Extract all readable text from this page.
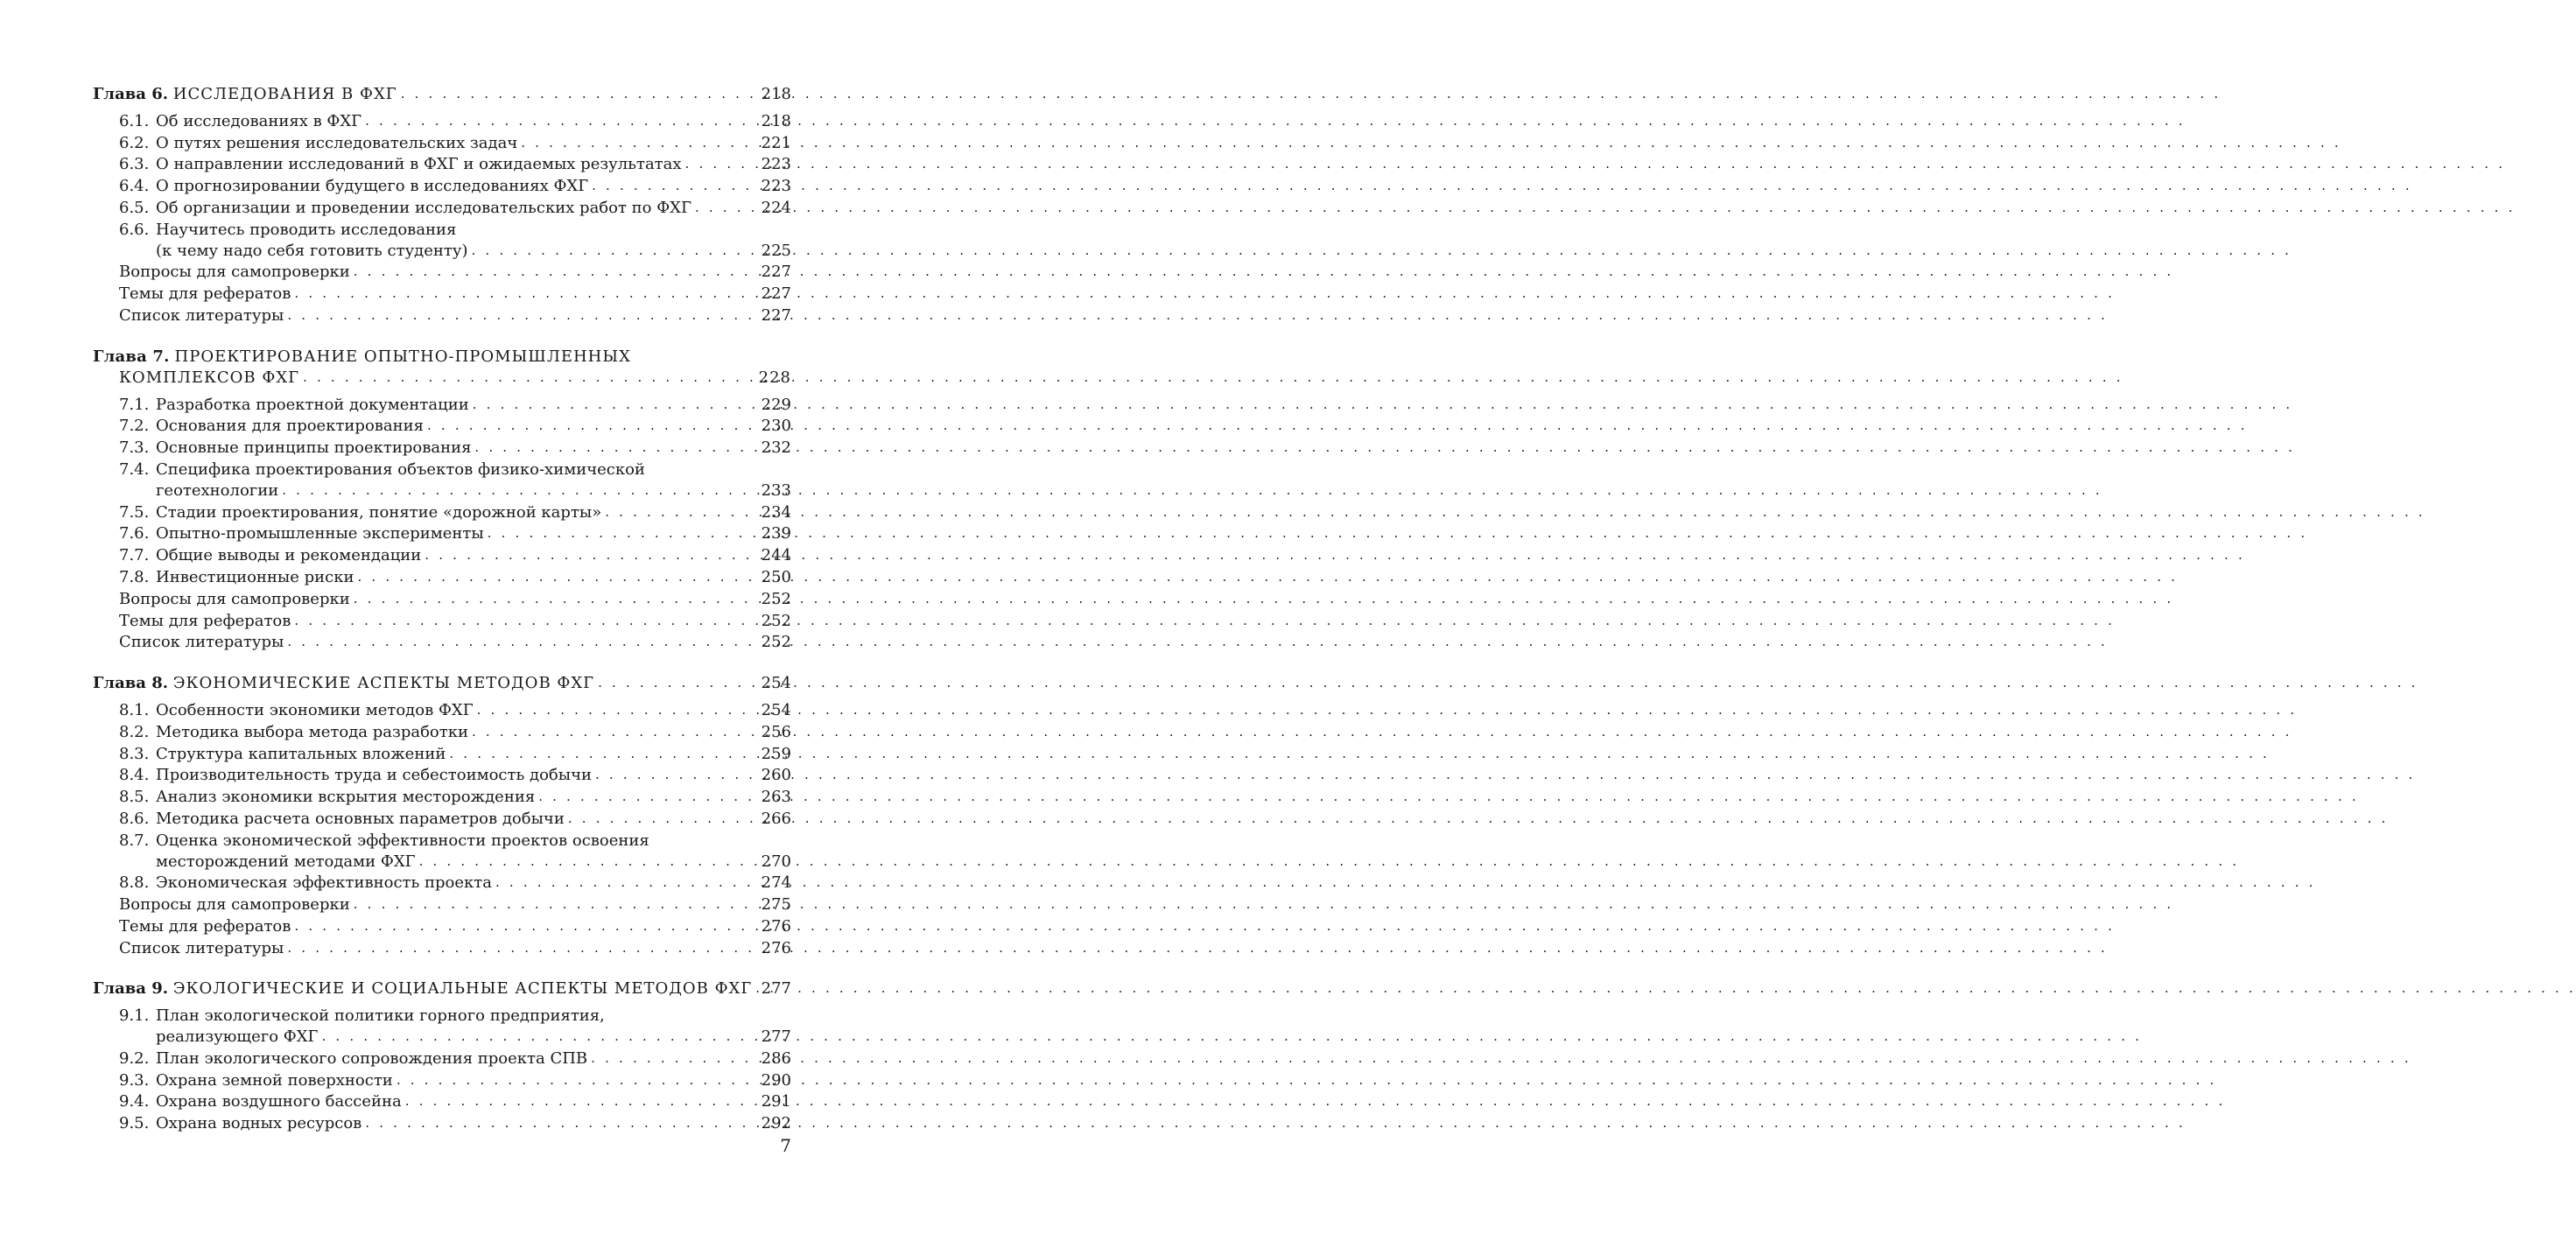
Глава 6.
ИССЛЕДОВАНИЯ В ФХГ . . .	218
6.1. Об исследованиях в ФХГ . . .	218
6.2. О путях решения исследовательских задач . . .	221
6.3. О направлении исследований в ФХГ и ожидаемых результатах . . .	223
6.4. О прогнозировании будущего в исследованиях ФХГ . . .	223
6.5. Об организации и проведении исследовательских работ по ФХГ . . .	224
6.6. Научитесь проводить исследования
(к чему надо себя готовить студенту) . . .	225
Вопросы для самопроверки . . .	227
Темы для рефератов . . .	227
Список литературы . . .	227
Глава 7. ПРОЕКТИРОВАНИЕ ОПЫТНО-ПРОМЫШЛЕННЫХ
КОМПЛЕКСОВ ФХГ . . .	228
7.1. Разработка проектной документации . . .	229
7.2. Основания для проектирования . . .	230
7.3. Основные принципы проектирования . . .	232
7.4. Специфика проектирования объектов физико-химической
геотехнологии . . .	233
7.5. Стадии проектирования, понятие «дорожной карты» . . .	234
7.6. Опытно-промышленные эксперименты . . .	239
7.7. Общие выводы и рекомендации . . .	244
7.8. Инвестиционные риски . . .	250
Вопросы для самопроверки . . .	252
Темы для рефератов . . .	252
Список литературы . . .	252
Глава 8.
ЭКОНОМИЧЕСКИЕ АСПЕКТЫ МЕТОДОВ ФХГ . . .	254
8.1. Особенности экономики методов ФХГ . . .	254
8.2. Методика выбора метода разработки . . .	256
8.3. Структура капитальных вложений . . .	259
8.4. Производительность труда и себестоимость добычи . . .	260
8.5. Анализ экономики вскрытия месторождения . . .	263
8.6. Методика расчета основных параметров добычи . . .	266
8.7. Оценка экономической эффективности проектов освоения
месторождений методами ФХГ . . .	270
8.8. Экономическая эффективность проекта . . .	274
Вопросы для самопроверки . . .	275
Темы для рефератов . . .	276
Список литературы . . .	276
Глава 9.
ЭКОЛОГИЧЕСКИЕ И СОЦИАЛЬНЫЕ АСПЕКТЫ МЕТОДОВ ФХГ . . . 277
9.1. План экологической политики горного предприятия,
реализующего ФХГ . . .	277
9.2. План экологического сопровождения проекта СПВ . . .	286
9.3. Охрана земной поверхности . . .	290
9.4. Охрана воздушного бассейна . . .	291
9.5. Охрана водных ресурсов . . .	292
7
